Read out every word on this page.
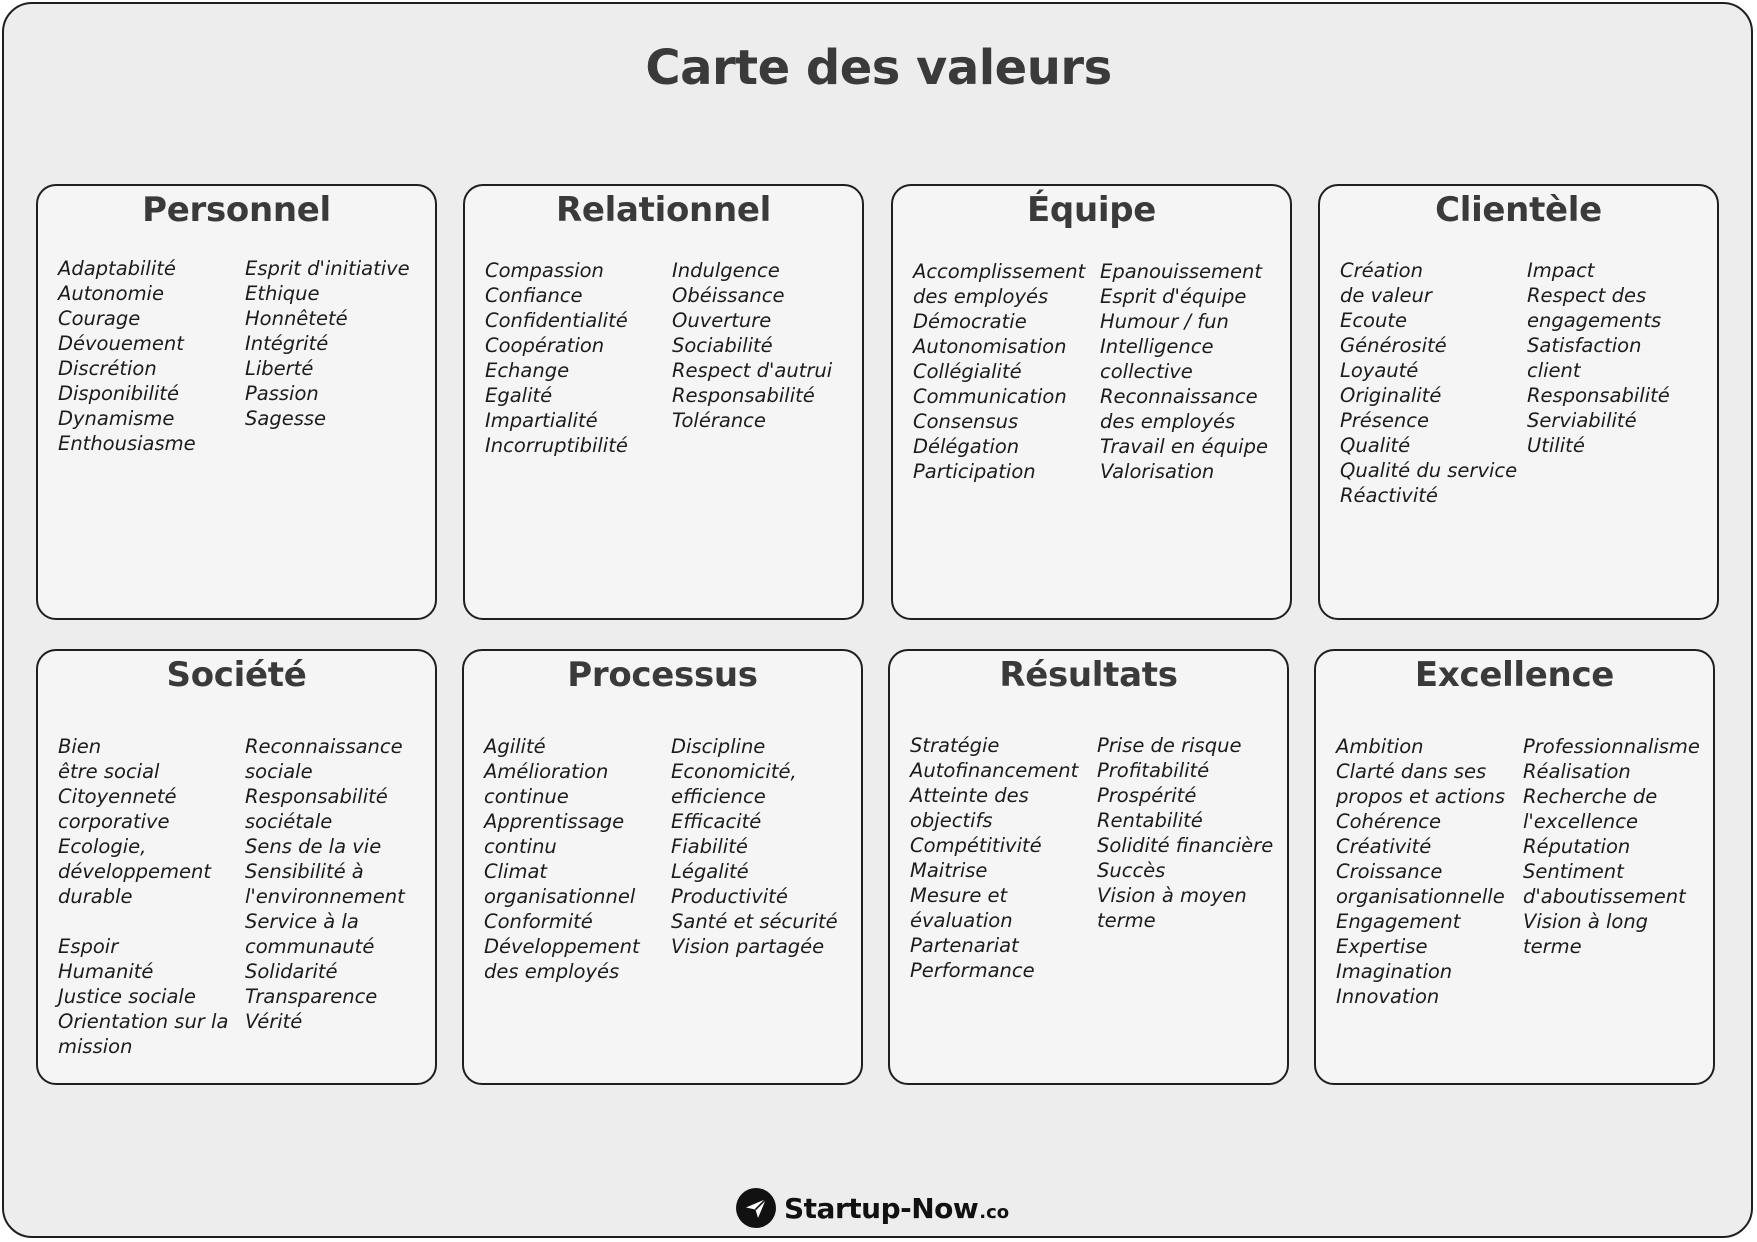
Carte des valeurs
Personnel
Adaptabilité
Autonomie
Courage
Dévouement
Discrétion
Disponibilité
Dynamisme
Enthousiasme
Esprit d'initiative
Ethique
Honnêteté
Intégrité
Liberté
Passion
Sagesse
Relationnel
Compassion
Confiance
Confidentialité
Coopération
Echange
Egalité
Impartialité
Incorruptibilité
Indulgence
Obéissance
Ouverture
Sociabilité
Respect d'autrui
Responsabilité
Tolérance
Équipe
Accomplissement
des employés
Démocratie
Autonomisation
Collégialité
Communication
Consensus
Délégation
Participation
Epanouissement
Esprit d'équipe
Humour / fun
Intelligence
collective
Reconnaissance
des employés
Travail en équipe
Valorisation
Clientèle
Création
de valeur
Ecoute
Générosité
Loyauté
Originalité
Présence
Qualité
Qualité du service
Réactivité
Impact
Respect des
engagements
Satisfaction
client
Responsabilité
Serviabilité
Utilité
Société
Bien
être social
Citoyenneté
corporative
Ecologie,
développement
durable
Espoir
Humanité
Justice sociale
Orientation sur la
mission
Reconnaissance
sociale
Responsabilité
sociétale
Sens de la vie
Sensibilité à
l'environnement
Service à la
communauté
Solidarité
Transparence
Vérité
Processus
Agilité
Amélioration
continue
Apprentissage
continu
Climat
organisationnel
Conformité
Développement
des employés
Discipline
Economicité,
efficience
Efficacité
Fiabilité
Légalité
Productivité
Santé et sécurité
Vision partagée
Résultats
Stratégie
Autofinancement
Atteinte des
objectifs
Compétitivité
Maitrise
Mesure et
évaluation
Partenariat
Performance
Prise de risque
Profitabilité
Prospérité
Rentabilité
Solidité financière
Succès
Vision à moyen
terme
Excellence
Ambition
Clarté dans ses
propos et actions
Cohérence
Créativité
Croissance
organisationnelle
Engagement
Expertise
Imagination
Innovation
Professionnalisme
Réalisation
Recherche de
l'excellence
Réputation
Sentiment
d'aboutissement
Vision à long
terme
Startup-Now .co
